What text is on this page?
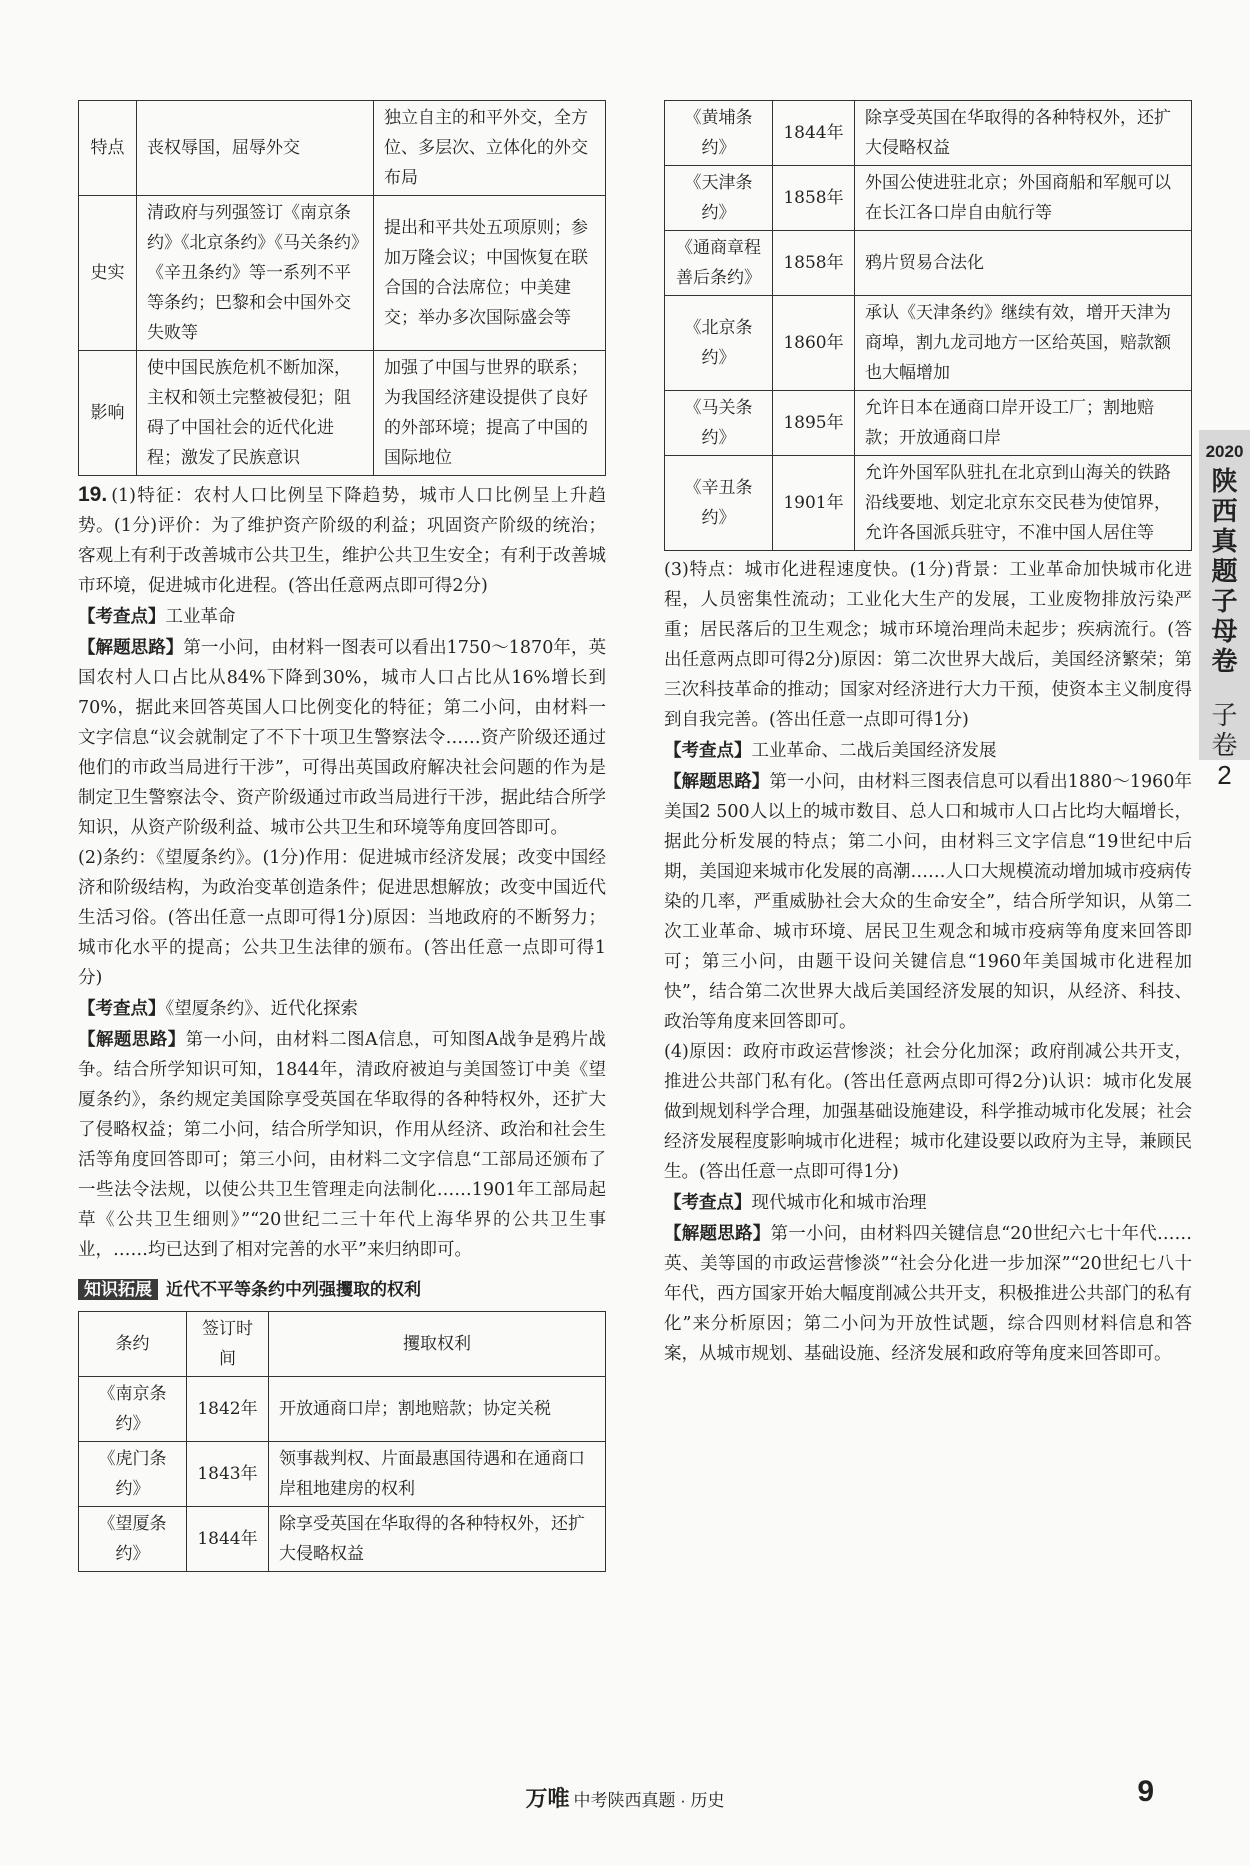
特点	丧权辱国，屈辱外交	独立自主的和平外交，全方位、多层次、立体化的外交布局
史实	清政府与列强签订《南京条约》《北京条约》《马关条约》《辛丑条约》等一系列不平等条约；巴黎和会中国外交失败等	提出和平共处五项原则；参加万隆会议；中国恢复在联合国的合法席位；中美建交；举办多次国际盛会等
影响	使中国民族危机不断加深，主权和领土完整被侵犯；阻碍了中国社会的近代化进程；激发了民族意识	加强了中国与世界的联系；为我国经济建设提供了良好的外部环境；提高了中国的国际地位

19. (1)特征：农村人口比例呈下降趋势，城市人口比例呈上升趋势。(1分)评价：为了维护资产阶级的利益；巩固资产阶级的统治；客观上有利于改善城市公共卫生，维护公共卫生安全；有利于改善城市环境，促进城市化进程。(答出任意两点即可得2分)

【考查点】工业革命

【解题思路】第一小问，由材料一图表可以看出1750～1870年，英国农村人口占比从84%下降到30%，城市人口占比从16%增长到70%，据此来回答英国人口比例变化的特征；第二小问，由材料一文字信息“议会就制定了不下十项卫生警察法令……资产阶级还通过他们的市政当局进行干涉”，可得出英国政府解决社会问题的作为是制定卫生警察法令、资产阶级通过市政当局进行干涉，据此结合所学知识，从资产阶级利益、城市公共卫生和环境等角度回答即可。

(2)条约：《望厦条约》。(1分)作用：促进城市经济发展；改变中国经济和阶级结构，为政治变革创造条件；促进思想解放；改变中国近代生活习俗。(答出任意一点即可得1分)原因：当地政府的不断努力；城市化水平的提高；公共卫生法律的颁布。(答出任意一点即可得1分)

【考查点】《望厦条约》、近代化探索

【解题思路】第一小问，由材料二图A信息，可知图A战争是鸦片战争。结合所学知识可知，1844年，清政府被迫与美国签订中美《望厦条约》，条约规定美国除享受英国在华取得的各种特权外，还扩大了侵略权益；第二小问，结合所学知识，作用从经济、政治和社会生活等角度回答即可；第三小问，由材料二文字信息“工部局还颁布了一些法令法规，以使公共卫生管理走向法制化……1901年工部局起草《公共卫生细则》”“20世纪二三十年代上海华界的公共卫生事业，……均已达到了相对完善的水平”来归纳即可。

知识拓展 近代不平等条约中列强攫取的权利
条约	签订时间	攫取权利
《南京条约》	1842年	开放通商口岸；割地赔款；协定关税
《虎门条约》	1843年	领事裁判权、片面最惠国待遇和在通商口岸租地建房的权利
《望厦条约》	1844年	除享受英国在华取得的各种特权外，还扩大侵略权益
《黄埔条约》	1844年	除享受英国在华取得的各种特权外，还扩大侵略权益
《天津条约》	1858年	外国公使进驻北京；外国商船和军舰可以在长江各口岸自由航行等
《通商章程善后条约》	1858年	鸦片贸易合法化
《北京条约》	1860年	承认《天津条约》继续有效，增开天津为商埠，割九龙司地方一区给英国，赔款额也大幅增加
《马关条约》	1895年	允许日本在通商口岸开设工厂；割地赔款；开放通商口岸
《辛丑条约》	1901年	允许外国军队驻扎在北京到山海关的铁路沿线要地、划定北京东交民巷为使馆界，允许各国派兵驻守，不准中国人居住等

(3)特点：城市化进程速度快。(1分)背景：工业革命加快城市化进程，人员密集性流动；工业化大生产的发展，工业废物排放污染严重；居民落后的卫生观念；城市环境治理尚未起步；疾病流行。(答出任意两点即可得2分)原因：第二次世界大战后，美国经济繁荣；第三次科技革命的推动；国家对经济进行大力干预，使资本主义制度得到自我完善。(答出任意一点即可得1分)

【考查点】工业革命、二战后美国经济发展

【解题思路】第一小问，由材料三图表信息可以看出1880～1960年美国2 500人以上的城市数目、总人口和城市人口占比均大幅增长，据此分析发展的特点；第二小问，由材料三文字信息“19世纪中后期，美国迎来城市化发展的高潮……人口大规模流动增加城市疫病传染的几率，严重威胁社会大众的生命安全”，结合所学知识，从第二次工业革命、城市环境、居民卫生观念和城市疫病等角度来回答即可；第三小问，由题干设问关键信息“1960年美国城市化进程加快”，结合第二次世界大战后美国经济发展的知识，从经济、科技、政治等角度来回答即可。

(4)原因：政府市政运营惨淡；社会分化加深；政府削减公共开支，推进公共部门私有化。(答出任意两点即可得2分)认识：城市化发展做到规划科学合理，加强基础设施建设，科学推动城市化发展；社会经济发展程度影响城市化进程；城市化建设要以政府为主导，兼顾民生。(答出任意一点即可得1分)

【考查点】现代城市化和城市治理

【解题思路】第一小问，由材料四关键信息“20世纪六七十年代……英、美等国的市政运营惨淡”“社会分化进一步加深”“20世纪七八十年代，西方国家开始大幅度削减公共开支，积极推进公共部门的私有化”来分析原因；第二小问为开放性试题，综合四则材料信息和答案，从城市规划、基础设施、经济发展和政府等角度来回答即可。

2020
陕西真题子母卷
子卷2
万唯 中考陕西真题 · 历史	9
